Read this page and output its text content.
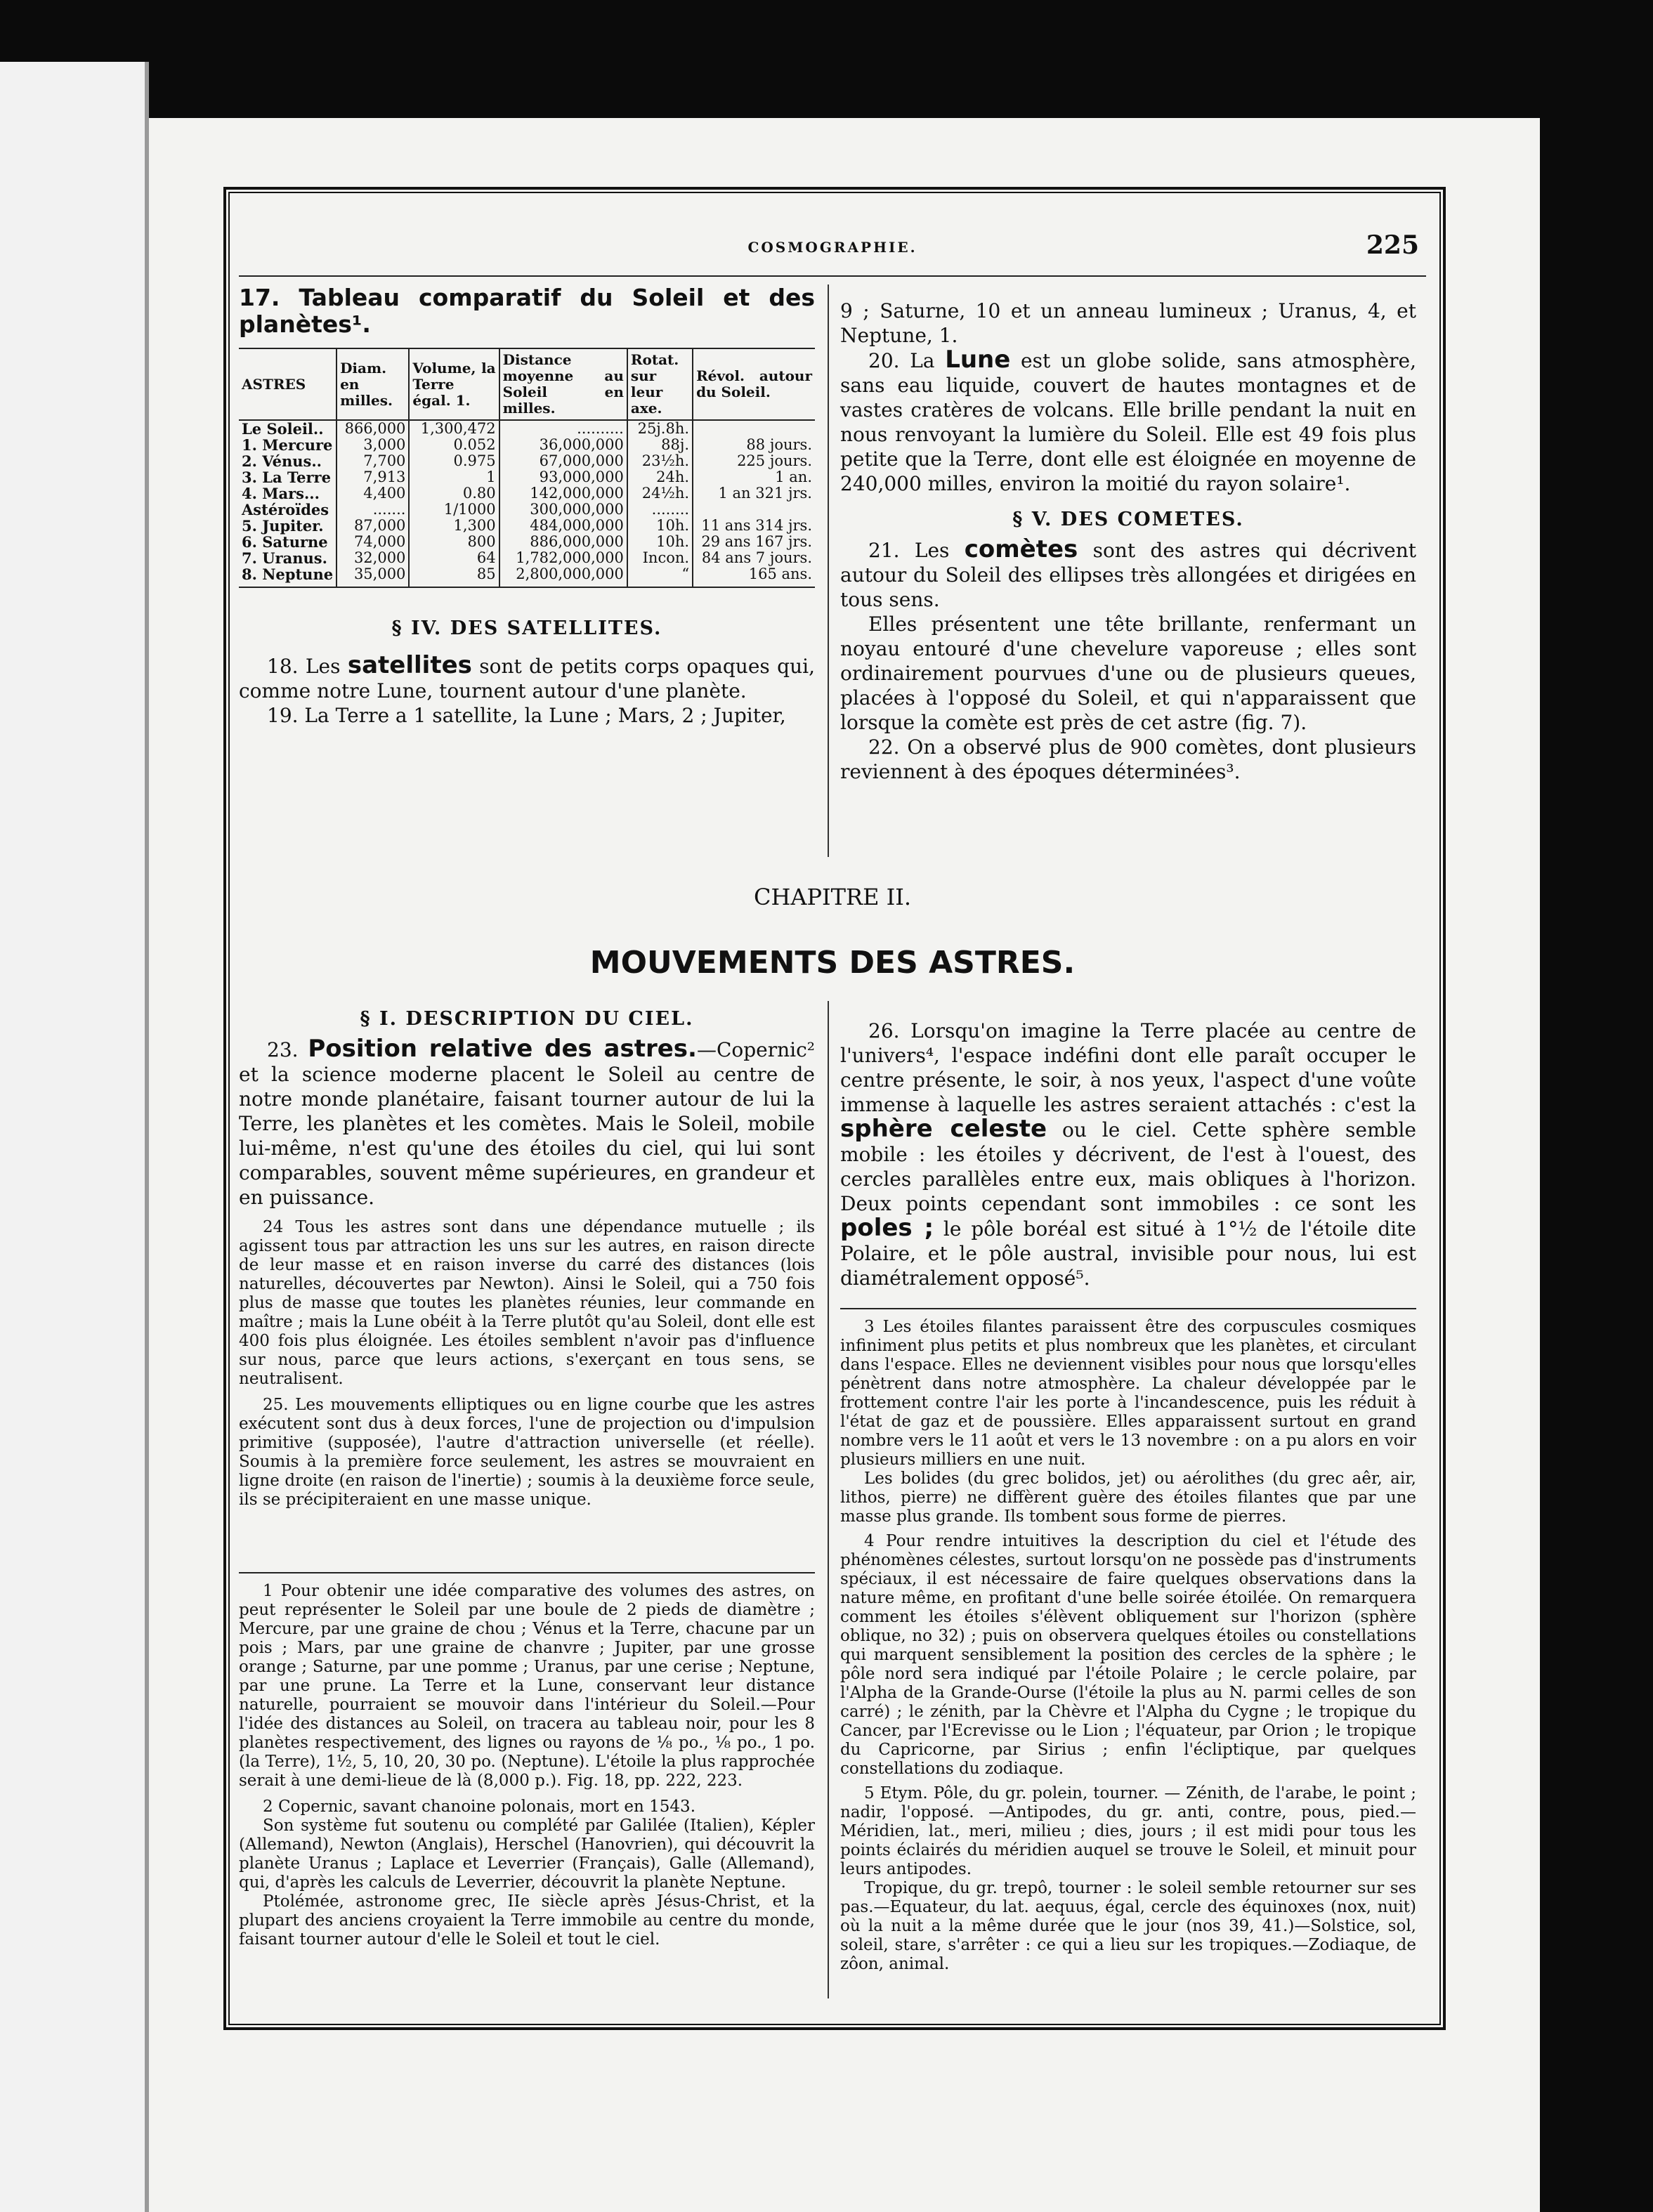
COSMOGRAPHIE.	225
17. Tableau comparatif du Soleil et des planètes¹.
ASTRES	Diam. en milles.	Volume, la Terre égal. 1.	Distance moyenne au Soleil en milles.	Rotat. sur leur axe.	Révol. autour du Soleil.
Le Soleil..	866,000	1,300,472	..........	25j.8h.	
1. Mercure	3,000	0.052	36,000,000	88j.	88 jours.
2. Vénus..	7,700	0.975	67,000,000	23½h.	225 jours.
3. La Terre	7,913	1	93,000,000	24h.	1 an.
4. Mars...	4,400	0.80	142,000,000	24½h.	1 an 321 jrs.
Astéroïdes	.......	1/1000	300,000,000	........	
5. Jupiter.	87,000	1,300	484,000,000	10h.	11 ans 314 jrs.
6. Saturne	74,000	800	886,000,000	10h.	29 ans 167 jrs.
7. Uranus.	32,000	64	1,782,000,000	Incon.	84 ans 7 jours.
8. Neptune	35,000	85	2,800,000,000	“	165 ans.
§ IV. DES SATELLITES.

18. Les satellites sont de petits corps opaques qui, comme notre Lune, tournent autour d'une planète.

19. La Terre a 1 satellite, la Lune ; Mars, 2 ; Jupiter,

9 ; Saturne, 10 et un anneau lumineux ; Uranus, 4, et Neptune, 1.

20. La Lune est un globe solide, sans atmosphère, sans eau liquide, couvert de hautes montagnes et de vastes cratères de volcans. Elle brille pendant la nuit en nous renvoyant la lumière du Soleil. Elle est 49 fois plus petite que la Terre, dont elle est éloignée en moyenne de 240,000 milles, environ la moitié du rayon solaire¹.

§ V. DES COMETES.

21. Les comètes sont des astres qui décrivent autour du Soleil des ellipses très allongées et dirigées en tous sens.

Elles présentent une tête brillante, renfermant un noyau entouré d'une chevelure vaporeuse ; elles sont ordinairement pourvues d'une ou de plusieurs queues, placées à l'opposé du Soleil, et qui n'apparaissent que lorsque la comète est près de cet astre (fig. 7).

22. On a observé plus de 900 comètes, dont plusieurs reviennent à des époques déterminées³.

CHAPITRE II.
MOUVEMENTS DES ASTRES.
§ I. DESCRIPTION DU CIEL.

23. Position relative des astres.—Copernic² et la science moderne placent le Soleil au centre de notre monde planétaire, faisant tourner autour de lui la Terre, les planètes et les comètes. Mais le Soleil, mobile lui-même, n'est qu'une des étoiles du ciel, qui lui sont comparables, souvent même supérieures, en grandeur et en puissance.

24 Tous les astres sont dans une dépendance mutuelle ; ils agissent tous par attraction les uns sur les autres, en raison directe de leur masse et en raison inverse du carré des distances (lois naturelles, découvertes par Newton). Ainsi le Soleil, qui a 750 fois plus de masse que toutes les planètes réunies, leur commande en maître ; mais la Lune obéit à la Terre plutôt qu'au Soleil, dont elle est 400 fois plus éloignée. Les étoiles semblent n'avoir pas d'influence sur nous, parce que leurs actions, s'exerçant en tous sens, se neutralisent.

25. Les mouvements elliptiques ou en ligne courbe que les astres exécutent sont dus à deux forces, l'une de projection ou d'impulsion primitive (supposée), l'autre d'attraction universelle (et réelle). Soumis à la première force seulement, les astres se mouvraient en ligne droite (en raison de l'inertie) ; soumis à la deuxième force seule, ils se précipiteraient en une masse unique.

26. Lorsqu'on imagine la Terre placée au centre de l'univers⁴, l'espace indéfini dont elle paraît occuper le centre présente, le soir, à nos yeux, l'aspect d'une voûte immense à laquelle les astres seraient attachés : c'est la sphère celeste ou le ciel. Cette sphère semble mobile : les étoiles y décrivent, de l'est à l'ouest, des cercles parallèles entre eux, mais obliques à l'horizon. Deux points cependant sont immobiles : ce sont les poles ; le pôle boréal est situé à 1°½ de l'étoile dite Polaire, et le pôle austral, invisible pour nous, lui est diamétralement opposé⁵.

1 Pour obtenir une idée comparative des volumes des astres, on peut représenter le Soleil par une boule de 2 pieds de diamètre ; Mercure, par une graine de chou ; Vénus et la Terre, chacune par un pois ; Mars, par une graine de chanvre ; Jupiter, par une grosse orange ; Saturne, par une pomme ; Uranus, par une cerise ; Neptune, par une prune. La Terre et la Lune, conservant leur distance naturelle, pourraient se mouvoir dans l'intérieur du Soleil.—Pour l'idée des distances au Soleil, on tracera au tableau noir, pour les 8 planètes respectivement, des lignes ou rayons de ⅛ po., ⅛ po., 1 po. (la Terre), 1½, 5, 10, 20, 30 po. (Neptune). L'étoile la plus rapprochée serait à une demi-lieue de là (8,000 p.). Fig. 18, pp. 222, 223.

2 Copernic, savant chanoine polonais, mort en 1543.

Son système fut soutenu ou complété par Galilée (Italien), Képler (Allemand), Newton (Anglais), Herschel (Hanovrien), qui découvrit la planète Uranus ; Laplace et Leverrier (Français), Galle (Allemand), qui, d'après les calculs de Leverrier, découvrit la planète Neptune.

Ptolémée, astronome grec, IIe siècle après Jésus-Christ, et la plupart des anciens croyaient la Terre immobile au centre du monde, faisant tourner autour d'elle le Soleil et tout le ciel.

3 Les étoiles filantes paraissent être des corpuscules cosmiques infiniment plus petits et plus nombreux que les planètes, et circulant dans l'espace. Elles ne deviennent visibles pour nous que lorsqu'elles pénètrent dans notre atmosphère. La chaleur développée par le frottement contre l'air les porte à l'incandescence, puis les réduit à l'état de gaz et de poussière. Elles apparaissent surtout en grand nombre vers le 11 août et vers le 13 novembre : on a pu alors en voir plusieurs milliers en une nuit.

Les bolides (du grec bolidos, jet) ou aérolithes (du grec aêr, air, lithos, pierre) ne diffèrent guère des étoiles filantes que par une masse plus grande. Ils tombent sous forme de pierres.

4 Pour rendre intuitives la description du ciel et l'étude des phénomènes célestes, surtout lorsqu'on ne possède pas d'instruments spéciaux, il est nécessaire de faire quelques observations dans la nature même, en profitant d'une belle soirée étoilée. On remarquera comment les étoiles s'élèvent obliquement sur l'horizon (sphère oblique, no 32) ; puis on observera quelques étoiles ou constellations qui marquent sensiblement la position des cercles de la sphère ; le pôle nord sera indiqué par l'étoile Polaire ; le cercle polaire, par l'Alpha de la Grande-Ourse (l'étoile la plus au N. parmi celles de son carré) ; le zénith, par la Chèvre et l'Alpha du Cygne ; le tropique du Cancer, par l'Ecrevisse ou le Lion ; l'équateur, par Orion ; le tropique du Capricorne, par Sirius ; enfin l'écliptique, par quelques constellations du zodiaque.

5 Etym. Pôle, du gr. polein, tourner. — Zénith, de l'arabe, le point ; nadir, l'opposé. —Antipodes, du gr. anti, contre, pous, pied.— Méridien, lat., meri, milieu ; dies, jours ; il est midi pour tous les points éclairés du méridien auquel se trouve le Soleil, et minuit pour leurs antipodes.

Tropique, du gr. trepô, tourner : le soleil semble retourner sur ses pas.—Equateur, du lat. aequus, égal, cercle des équinoxes (nox, nuit) où la nuit a la même durée que le jour (nos 39, 41.)—Solstice, sol, soleil, stare, s'arrêter : ce qui a lieu sur les tropiques.—Zodiaque, de zôon, animal.
